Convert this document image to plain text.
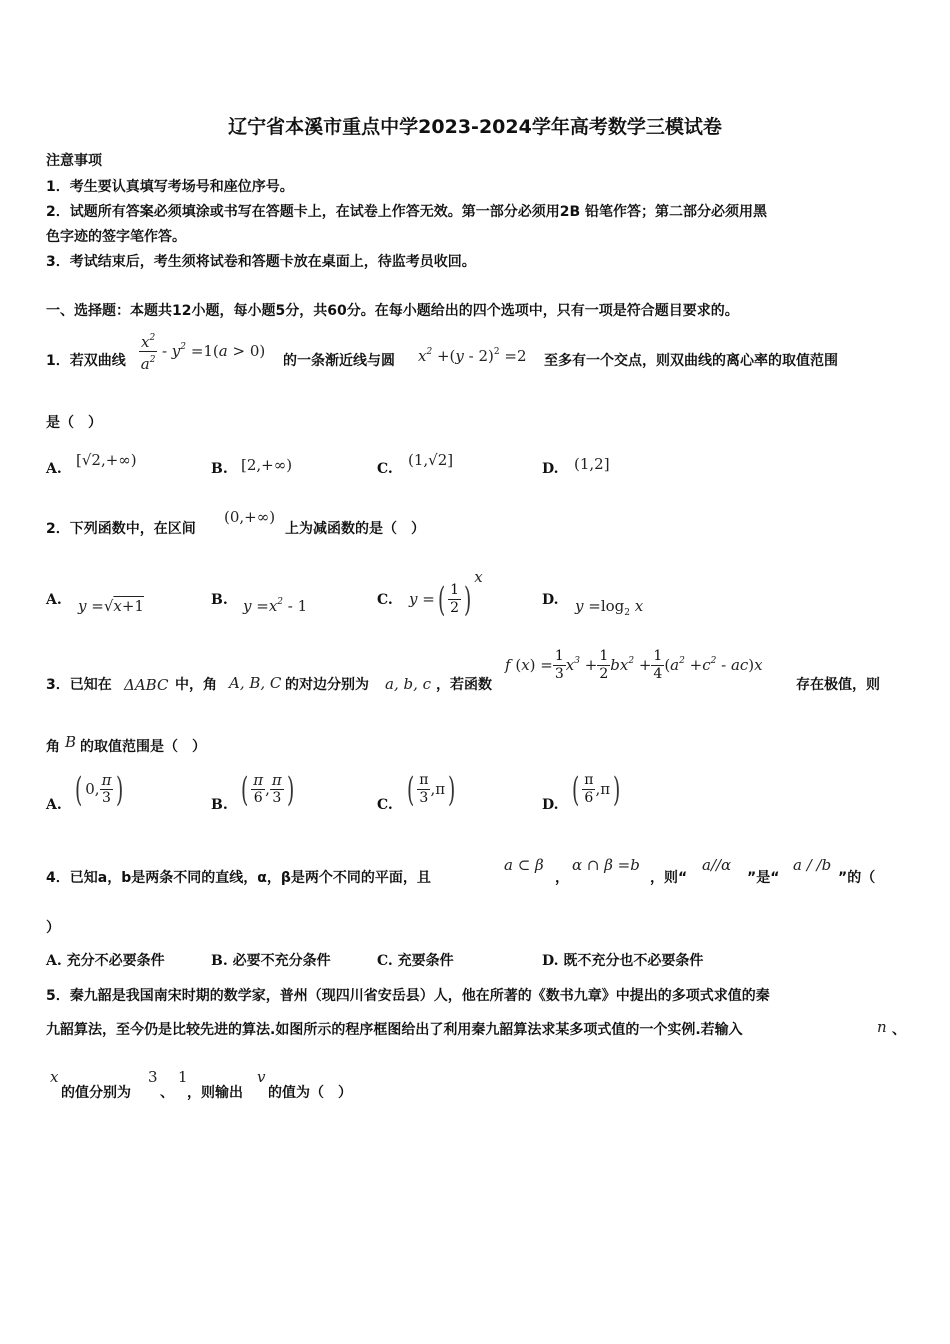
辽宁省本溪市重点中学2023-2024学年高考数学三模试卷
注意事项
1．考生要认真填写考场号和座位序号。
2．试题所有答案必须填涂或书写在答题卡上，在试卷上作答无效。第一部分必须用2B 铅笔作答；第二部分必须用黑
色字迹的签字笔作答。
3．考试结束后，考生须将试卷和答题卡放在桌面上，待监考员收回。
一、选择题：本题共12小题，每小题5分，共60分。在每小题给出的四个选项中，只有一项是符合题目要求的。
1．若双曲线 $\frac{x^2}{a^2} - y^2 =1(a > 0)$
的一条渐近线与圆 $x^2 +(y - 2)^2 =2$ 至多有一个交点，则双曲线的离心率的取值范围
是（　）
A. [√2,+∞)	B. [2,+∞)	C. (1,√2]	D. (1,2]
2．下列函数中，在区间
(0,+∞)
上为减函数的是（　）
A. y =√x+1	B. $y =x^2 - 1$	C. y =( $\frac{1}{2} )^x$
D. $y =\log_2$ x
3．已知在 ΔABC 中，角 A, B, C 的对边分别为 a, b, c ，若函数
f $(x) = \frac{1}{3} x^3 + \frac{1}{2} bx^2 + \frac{1}{4} (a^2 +c^2 - ac)x$
存在极值，则
角 B 的取值范围是（　）
A. ( 0, $\frac{\pi}{3}$ )	B. ( $\frac{\pi}{6}$ , $\frac{\pi}{3}$ )	C. ( $\frac{\pi}{3} ,\pi$)	D. ( $\frac{\pi}{6} ,\pi$)
4．已知a，b是两条不同的直线，α，β是两个不同的平面，且
a ⊂ β
，
α ∩ β =b
，则“
a//α
”是“
a / /b
”的（
）
A. 充分不必要条件	B. 必要不充分条件	C. 充要条件	D. 既不充分也不必要条件
5．秦九韶是我国南宋时期的数学家，普州（现四川省安岳县）人，他在所著的《数书九章》中提出的多项式求值的秦
九韶算法，至今仍是比较先进的算法.如图所示的程序框图给出了利用秦九韶算法求某多项式值的一个实例.若输入	n 、
x
的值分别为
3
、
1
，则输出
v
的值为（　）
